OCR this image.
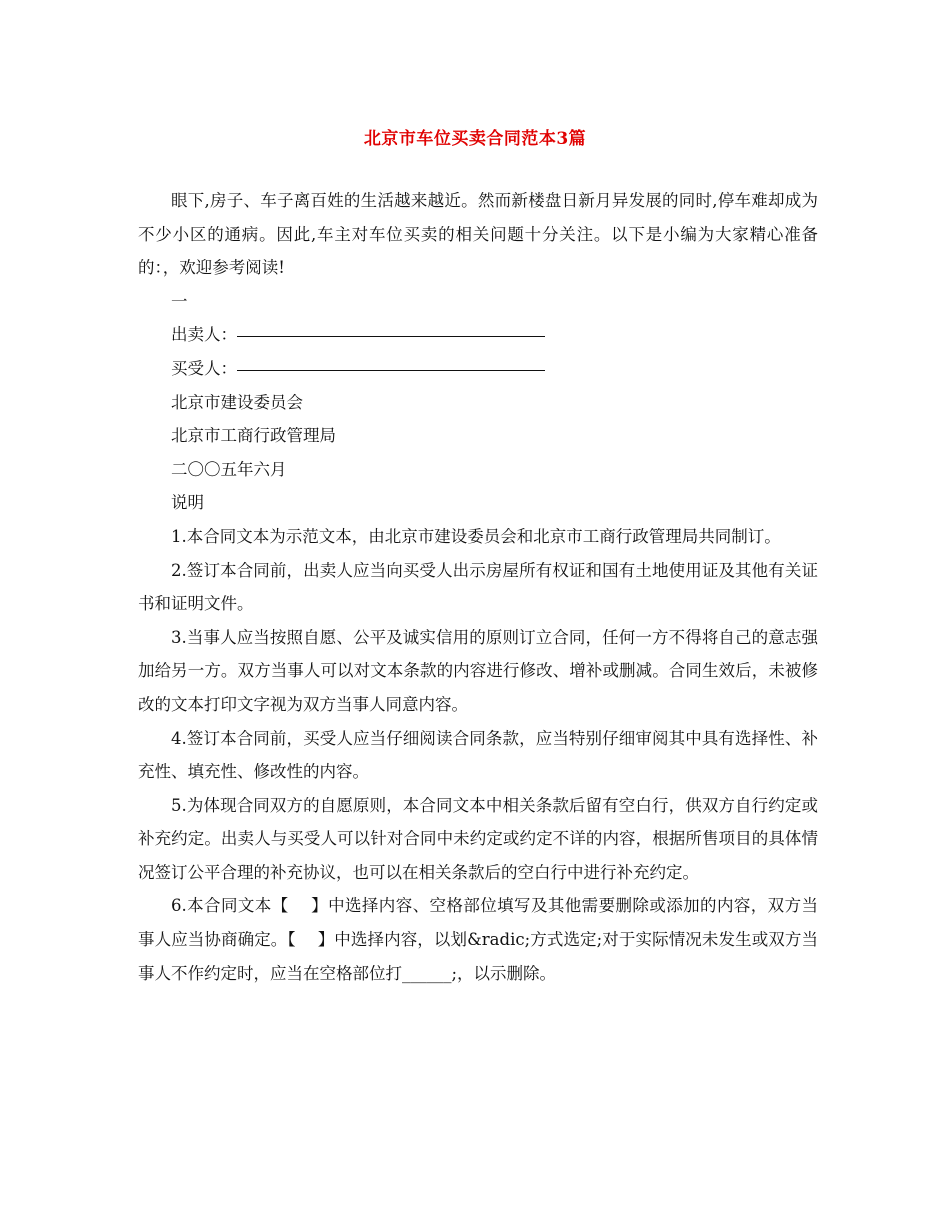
北京市车位买卖合同范本3篇

眼下,房子、车子离百姓的生活越来越近。然而新楼盘日新月异发展的同时,停车难却成为不少小区的通病。因此,车主对车位买卖的相关问题十分关注。以下是小编为大家精心准备的：，欢迎参考阅读!

一

出卖人：

买受人：

北京市建设委员会

北京市工商行政管理局

二〇〇五年六月

说明

1.本合同文本为示范文本，由北京市建设委员会和北京市工商行政管理局共同制订。

2.签订本合同前，出卖人应当向买受人出示房屋所有权证和国有土地使用证及其他有关证书和证明文件。

3.当事人应当按照自愿、公平及诚实信用的原则订立合同，任何一方不得将自己的意志强加给另一方。双方当事人可以对文本条款的内容进行修改、增补或删减。合同生效后，未被修改的文本打印文字视为双方当事人同意内容。

4.签订本合同前，买受人应当仔细阅读合同条款，应当特别仔细审阅其中具有选择性、补充性、填充性、修改性的内容。

5.为体现合同双方的自愿原则，本合同文本中相关条款后留有空白行，供双方自行约定或补充约定。出卖人与买受人可以针对合同中未约定或约定不详的内容，根据所售项目的具体情况签订公平合理的补充协议，也可以在相关条款后的空白行中进行补充约定。

6.本合同文本【　 】中选择内容、空格部位填写及其他需要删除或添加的内容，双方当事人应当协商确定。【　 】中选择内容，以划&radic;方式选定;对于实际情况未发生或双方当事人不作约定时，应当在空格部位打______;，以示删除。
